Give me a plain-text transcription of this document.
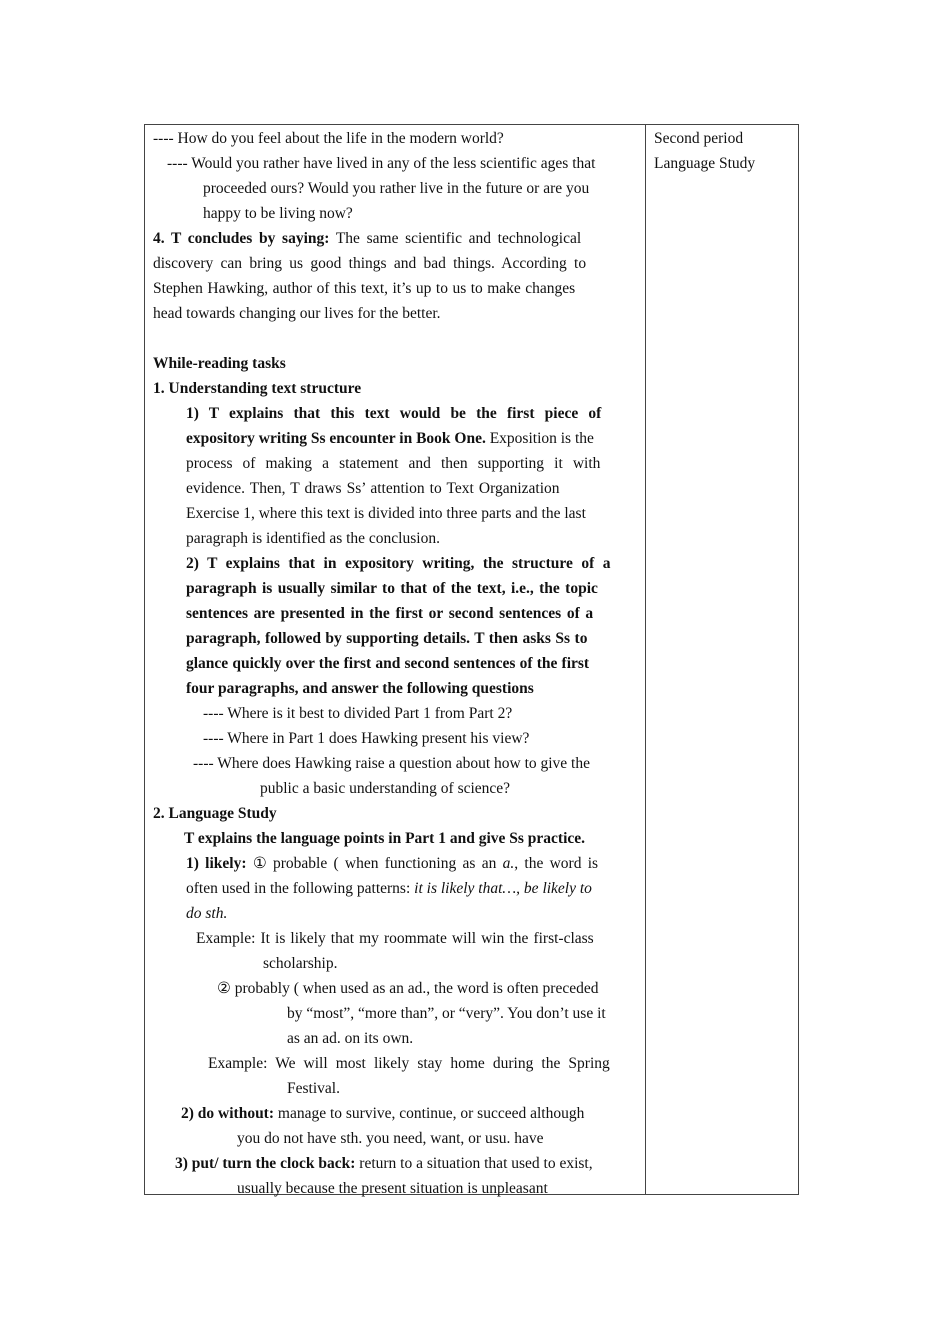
---- How do you feel about the life in the modern world?
---- Would you rather have lived in any of the less scientific ages that
proceeded ours? Would you rather live in the future or are you
happy to be living now?
4. T concludes by saying: The same scientific and technological
discovery can bring us good things and bad things. According to
Stephen Hawking, author of this text, it’s up to us to make changes
head towards changing our lives for the better.
While-reading tasks
1. Understanding text structure
1) T explains that this text would be the first piece of
expository writing Ss encounter in Book One. Exposition is the
process of making a statement and then supporting it with
evidence. Then, T draws Ss’ attention to Text Organization
Exercise 1, where this text is divided into three parts and the last
paragraph is identified as the conclusion.
2) T explains that in expository writing, the structure of a
paragraph is usually similar to that of the text, i.e., the topic
sentences are presented in the first or second sentences of a
paragraph, followed by supporting details. T then asks Ss to
glance quickly over the first and second sentences of the first
four paragraphs, and answer the following questions
---- Where is it best to divided Part 1 from Part 2?
---- Where in Part 1 does Hawking present his view?
---- Where does Hawking raise a question about how to give the
public a basic understanding of science?
2. Language Study
T explains the language points in Part 1 and give Ss practice.
1) likely: ① probable ( when functioning as an a., the word is
often used in the following patterns: it is likely that…, be likely to
do sth.
Example: It is likely that my roommate will win the first-class
scholarship.
② probably ( when used as an ad., the word is often preceded
by “most”, “more than”, or “very”. You don’t use it
as an ad. on its own.
Example: We will most likely stay home during the Spring
Festival.
2) do without: manage to survive, continue, or succeed although
you do not have sth. you need, want, or usu. have
3) put/ turn the clock back: return to a situation that used to exist,
usually because the present situation is unpleasant
Second period
Language Study
